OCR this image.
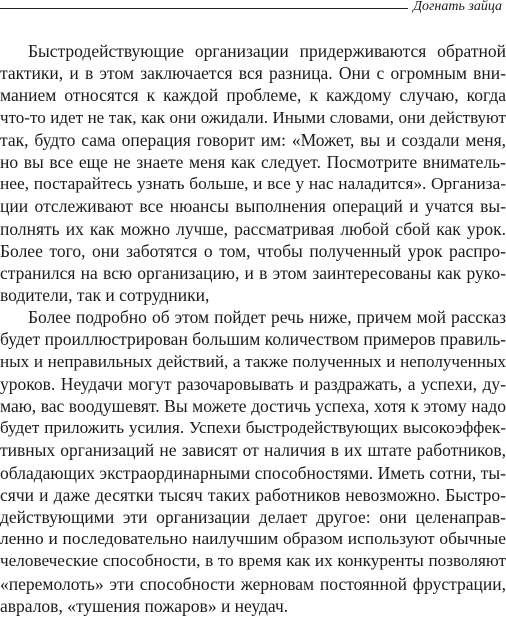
Догнать зайца
Быстродействующие организации придерживаются обратной
тактики, и в этом заключается вся разница. Они с огромным вни-
манием относятся к каждой проблеме, к каждому случаю, когда
что-то идет не так, как они ожидали. Иными словами, они действуют
так, будто сама операция говорит им: «Может, вы и создали меня,
но вы все еще не знаете меня как следует. Посмотрите вниматель-
нее, постарайтесь узнать больше, и все у нас наладится». Организа-
ции отслеживают все нюансы выполнения операций и учатся вы-
полнять их как можно лучше, рассматривая любой сбой как урок.
Более того, они заботятся о том, чтобы полученный урок распро-
странился на всю организацию, и в этом заинтересованы как руко-
водители, так и сотрудники,
Более подробно об этом пойдет речь ниже, причем мой рассказ
будет проиллюстрирован большим количеством примеров правиль-
ных и неправильных действий, а также полученных и неполученных
уроков. Неудачи могут разочаровывать и раздражать, а успехи, ду-
маю, вас воодушевят. Вы можете достичь успеха, хотя к этому надо
будет приложить усилия. Успехи быстродействующих высокоэффек-
тивных организаций не зависят от наличия в их штате работников,
обладающих экстраординарными способностями. Иметь сотни, ты-
сячи и даже десятки тысяч таких работников невозможно. Быстро-
действующими эти организации делает другое: они целенаправ-
ленно и последовательно наилучшим образом используют обычные
человеческие способности, в то время как их конкуренты позволяют
«перемолоть» эти способности жерновам постоянной фрустрации,
авралов, «тушения пожаров» и неудач.
